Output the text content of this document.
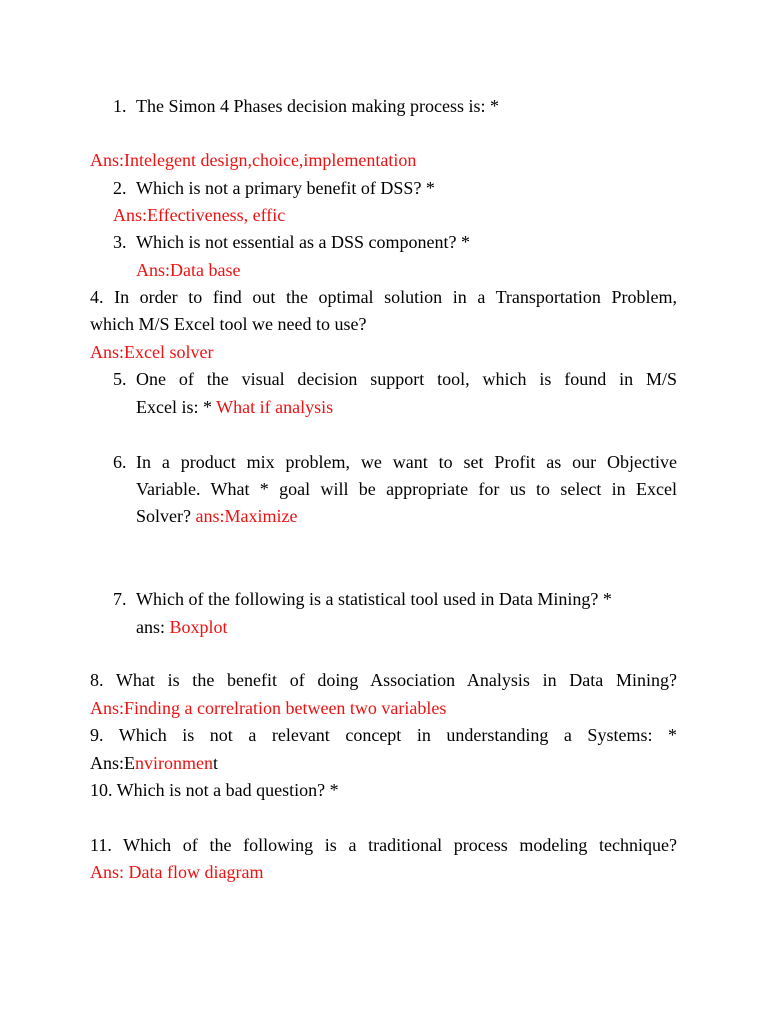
1. The Simon 4 Phases decision making process is: *
Ans:Intelegent design,choice,implementation
2. Which is not a primary benefit of DSS? *
Ans:Effectiveness, effic
3. Which is not essential as a DSS component? *
Ans:Data base
4. In order to find out the optimal solution in a Transportation Problem,
which M/S Excel tool we need to use?
Ans:Excel solver
5. One of the visual decision support tool, which is found in M/S
Excel is: * What if analysis
6. In a product mix problem, we want to set Profit as our Objective
Variable. What * goal will be appropriate for us to select in Excel
Solver? ans:Maximize
7. Which of the following is a statistical tool used in Data Mining? *
ans: Boxplot
8. What is the benefit of doing Association Analysis in Data Mining?
Ans:Finding a correlration between two variables
9. Which is not a relevant concept in understanding a Systems: *
Ans:Environment
10. Which is not a bad question? *
11. Which of the following is a traditional process modeling technique?
Ans: Data flow diagram
